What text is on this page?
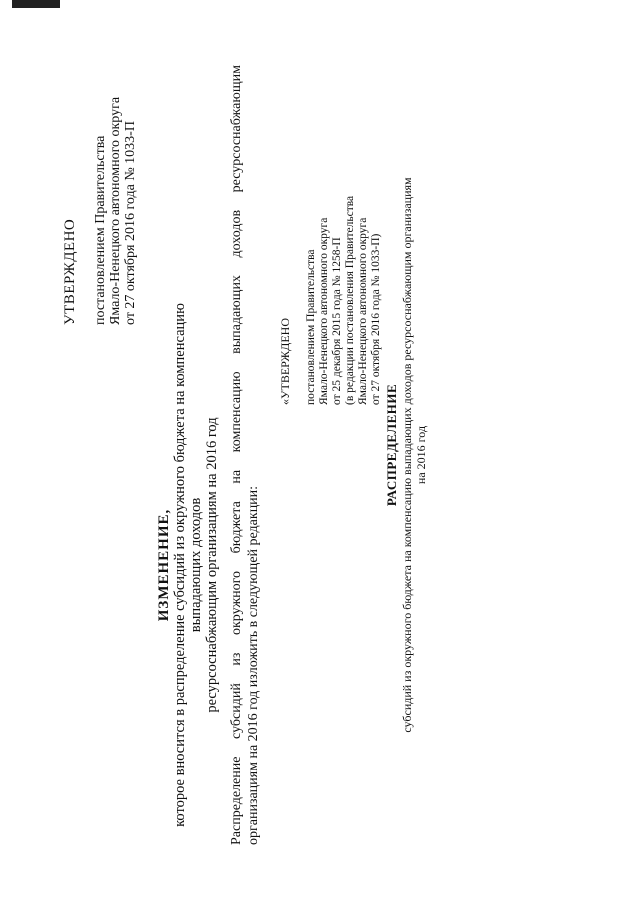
УТВЕРЖДЕНО постановлением Правительства Ямало-Ненецкого автономного округа от 27 октября 2016 года № 1033-П
ИЗМЕНЕНИЕ, которое вносится в распределение субсидий из окружного бюджета на компенсацию выпадающих доходов ресурсоснабжающим организациям на 2016 год Распределение субсидий из окружного бюджета на компенсацию выпадающих доходов ресурсоснабжающим организациям на 2016 год изложить в следующей редакции:
«УТВЕРЖДЕНО постановлением Правительства Ямало-Ненецкого автономного округа от 25 декабря 2015 года № 1258-П (в редакции постановления Правительства Ямало-Ненецкого автономного округа от 27 октября 2016 года № 1033-П)
РАСПРЕДЕЛЕНИЕ субсидий из окружного бюджета на компенсацию выпадающих доходов ресурсоснабжающим организациям на 2016 год
